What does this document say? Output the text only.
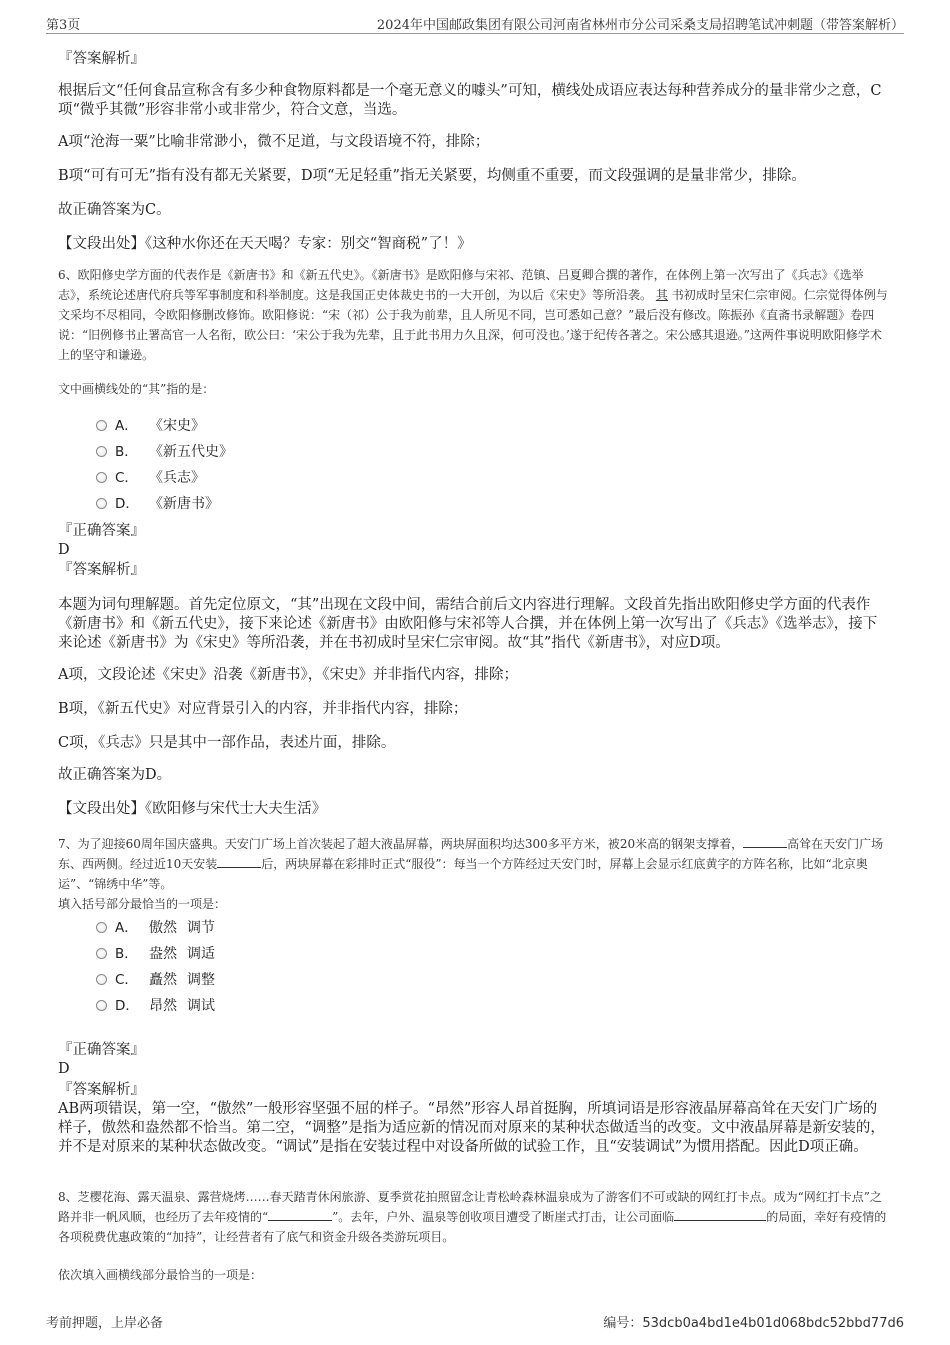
第3页	2024年中国邮政集团有限公司河南省林州市分公司采桑支局招聘笔试冲刺题（带答案解析）
『答案解析』
根据后文“任何食品宣称含有多少种食物原料都是一个毫无意义的噱头”可知，横线处成语应表达每种营养成分的量非常少之意，C项“微乎其微”形容非常小或非常少，符合文意，当选。
A项“沧海一粟”比喻非常渺小，微不足道，与文段语境不符，排除；
B项“可有可无”指有没有都无关紧要，D项“无足轻重”指无关紧要，均侧重不重要，而文段强调的是量非常少，排除。
故正确答案为C。
【文段出处】《这种水你还在天天喝？专家：别交“智商税”了！》
6、欧阳修史学方面的代表作是《新唐书》和《新五代史》。《新唐书》是欧阳修与宋祁、范镇、吕夏卿合撰的著作，在体例上第一次写出了《兵志》《选举志》，系统论述唐代府兵等军事制度和科举制度。这是我国正史体裁史书的一大开创，为以后《宋史》等所沿袭。 其 书初成时呈宋仁宗审阅。仁宗觉得体例与文采均不尽相同，令欧阳修删改修饰。欧阳修说：“宋（祁）公于我为前辈，且人所见不同，岂可悉如己意？”最后没有修改。陈振孙《直斋书录解题》卷四说：“旧例修书止署高官一人名衔，欧公曰：‘宋公于我为先辈，且于此书用力久且深，何可没也。’遂于纪传各著之。宋公感其退逊。”这两件事说明欧阳修学术上的坚守和谦逊。
文中画横线处的“其”指的是：
A． 《宋史》
B． 《新五代史》
C． 《兵志》
D． 《新唐书》
『正确答案』
D
『答案解析』
本题为词句理解题。首先定位原文，“其”出现在文段中间，需结合前后文内容进行理解。文段首先指出欧阳修史学方面的代表作《新唐书》和《新五代史》，接下来论述《新唐书》由欧阳修与宋祁等人合撰，并在体例上第一次写出了《兵志》《选举志》，接下来论述《新唐书》为《宋史》等所沿袭，并在书初成时呈宋仁宗审阅。故“其”指代《新唐书》，对应D项。
A项，文段论述《宋史》沿袭《新唐书》，《宋史》并非指代内容，排除；
B项，《新五代史》对应背景引入的内容，并非指代内容，排除；
C项，《兵志》只是其中一部作品，表述片面，排除。
故正确答案为D。
【文段出处】《欧阳修与宋代士大夫生活》
7、为了迎接60周年国庆盛典。天安门广场上首次装起了超大液晶屏幕，两块屏面积均达300多平方米，被20米高的钢架支撑着，	高耸在天安门广场东、西两侧。经过近10天安装	后，两块屏幕在彩排时正式“服役”：每当一个方阵经过天安门时，屏幕上会显示红底黄字的方阵名称，比如“北京奥运”、“锦绣中华”等。
填入括号部分最恰当的一项是：
A． 傲然 调节
B． 盎然 调适
C． 矗然 调整
D． 昂然 调试
『正确答案』
D
『答案解析』
AB两项错误，第一空，“傲然”一般形容坚强不屈的样子。“昂然”形容人昂首挺胸，所填词语是形容液晶屏幕高耸在天安门广场的样子，傲然和盎然都不恰当。第二空，“调整”是指为适应新的情况而对原来的某种状态做适当的改变。文中液晶屏幕是新安装的，并不是对原来的某种状态做改变。“调试”是指在安装过程中对设备所做的试验工作，且“安装调试”为惯用搭配。因此D项正确。
8、芝樱花海、露天温泉、露营烧烤……春天踏青休闲旅游、夏季赏花拍照留念让青松岭森林温泉成为了游客们不可或缺的网红打卡点。成为“网红打卡点”之路并非一帆风顺，也经历了去年疫情的“	”。去年，户外、温泉等创收项目遭受了断崖式打击，让公司面临	的局面，幸好有疫情的各项税费优惠政策的“加持”，让经营者有了底气和资金升级各类游玩项目。
依次填入画横线部分最恰当的一项是：
考前押题，上岸必备	编号：53dcb0a4bd1e4b01d068bdc52bbd77d6
